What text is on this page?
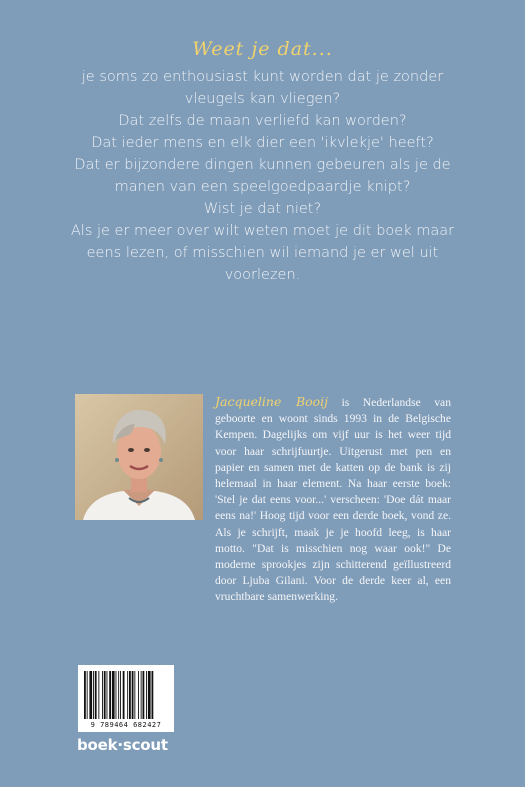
Weet je dat...
je soms zo enthousiast kunt worden dat je zonder
vleugels kan vliegen?
Dat zelfs de maan verliefd kan worden?
Dat ieder mens en elk dier een 'ikvlekje' heeft?
Dat er bijzondere dingen kunnen gebeuren als je de
manen van een speelgoedpaardje knipt?
Wist je dat niet?
Als je er meer over wilt weten moet je dit boek maar
eens lezen, of misschien wil iemand je er wel uit
voorlezen.
Jacqueline Booij is Nederlandse van geboorte en woont sinds 1993 in de Belgische Kempen. Dagelijks om vijf uur is het weer tijd voor haar schrijfuurtje. Uitgerust met pen en papier en samen met de katten op de bank is zij helemaal in haar element. Na haar eerste boek: 'Stel je dat eens voor...' verscheen: 'Doe dát maar eens na!' Hoog tijd voor een derde boek, vond ze. Als je schrijft, maak je je hoofd leeg, is haar motto. "Dat is misschien nog waar ook!" De moderne sprookjes zijn schitterend geïllustreerd door Ljuba Gilani. Voor de derde keer al, een vruchtbare samenwerking.
9 789464 682427
boek·scout
